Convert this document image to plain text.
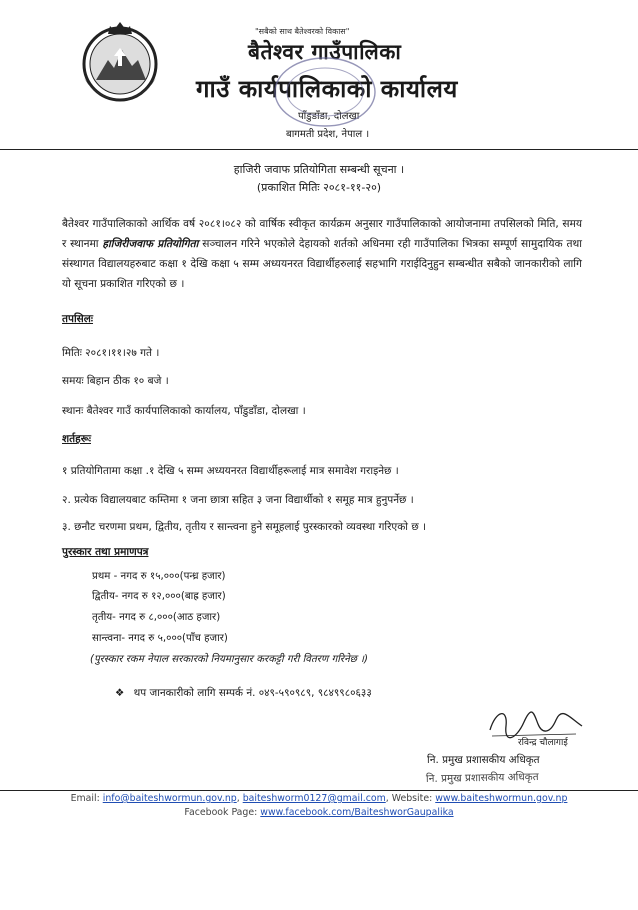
"सबैको साथ बैतेश्वरको विकास"
बैतेश्वर गाउँपालिका
गाउँ कार्यपालिकाको कार्यालय
पाँडुडाँडा, दोलखा
बागमती प्रदेश, नेपाल ।
हाजिरी जवाफ प्रतियोगिता सम्बन्धी सूचना ।
(प्रकाशित मितिः २०८१-११-२०)
बैतेश्वर गाउँपालिकाको आर्थिक वर्ष २०८१।०८२ को वार्षिक स्वीकृत कार्यक्रम अनुसार गाउँपालिकाको आयोजनामा तपसिलको मिति, समय र स्थानमा हाजिरीजवाफ प्रतियोगिता सञ्चालन गरिने भएकोले देहायको शर्तको अधिनमा रही गाउँपालिका भित्रका सम्पूर्ण सामुदायिक तथा संस्थागत विद्यालयहरुबाट कक्षा १ देखि कक्षा ५ सम्म अध्ययनरत विद्यार्थीहरुलाई सहभागि गराईदिनुहुन सम्बन्धीत सबैको जानकारीको लागि यो सूचना प्रकाशित गरिएको छ ।
तपसिलः
मितिः २०८१।११।२७ गते ।
समयः बिहान ठीक १० बजे ।
स्थानः बैतेश्वर गाउँ कार्यपालिकाको कार्यालय, पाँडुडाँडा, दोलखा ।
शर्तहरूः
१ प्रतियोगितामा कक्षा .१ देखि ५ सम्म अध्ययनरत विद्यार्थीहरूलाई मात्र समावेश गराइनेछ ।
२. प्रत्येक विद्यालयबाट कम्तिमा १ जना छात्रा सहित ३ जना विद्यार्थीको १ समूह मात्र हुनुपर्नेछ ।
३. छनौट चरणमा प्रथम, द्वितीय, तृतीय र सान्त्वना हुने समूहलाई पुरस्कारको व्यवस्था गरिएको छ ।
पुरस्कार तथा प्रमाणपत्र
प्रथम - नगद रु १५,०००(पन्ध्र हजार)
द्वितीय- नगद रु १२,०००(बाह्र हजार)
तृतीय- नगद रु ८,०००(आठ हजार)
सान्त्वना- नगद रु ५,०००(पाँच हजार)
(पुरस्कार रकम नेपाल सरकारको नियमानुसार करकट्टी गरी वितरण गरिनेछ ।)
❖ थप जानकारीको लागि सम्पर्क नं. ०४९-५९०९८९, ९८४९९८०६३३
रविन्द्र चौलागाई
नि. प्रमुख प्रशासकीय अधिकृत
नि. प्रमुख प्रशासकीय अधिकृत
Email: info@baiteshwormun.gov.np, baiteshworm0127@gmail.com, Website: www.baiteshwormun.gov.np
Facebook Page: www.facebook.com/BaiteshworGaupalika
